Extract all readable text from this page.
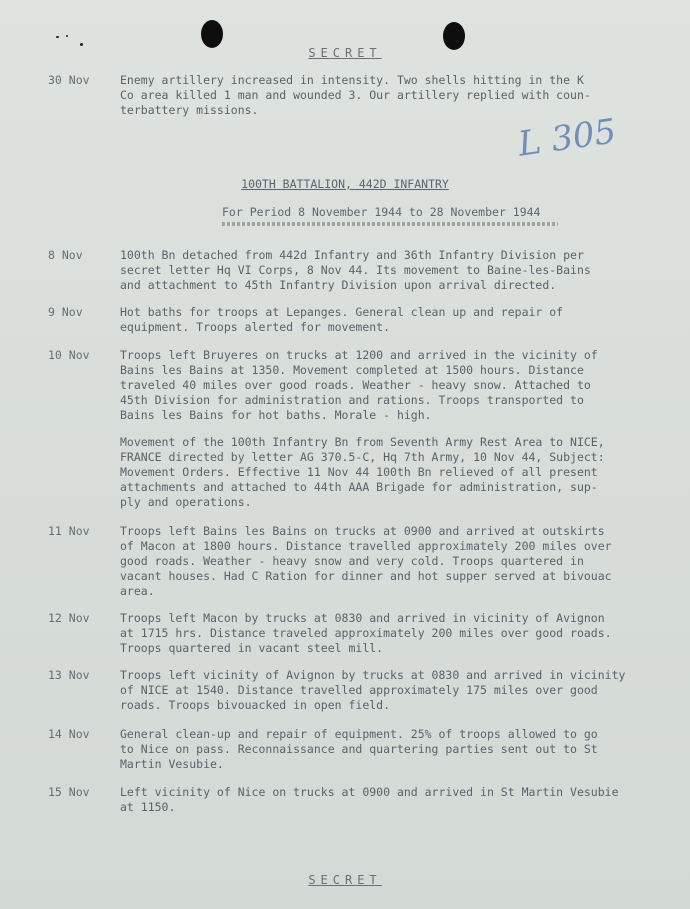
SECRET
30 Nov	Enemy artillery increased in intensity. Two shells hitting in the K
Co area killed 1 man and wounded 3. Our artillery replied with coun-
terbattery missions.
L 305
100TH BATTALION, 442D INFANTRY
For Period 8 November 1944 to 28 November 1944
8 Nov	100th Bn detached from 442d Infantry and 36th Infantry Division per
secret letter Hq VI Corps, 8 Nov 44. Its movement to Baine-les-Bains
and attachment to 45th Infantry Division upon arrival directed.
9 Nov	Hot baths for troops at Lepanges. General clean up and repair of
equipment. Troops alerted for movement.
10 Nov	Troops left Bruyeres on trucks at 1200 and arrived in the vicinity of
Bains les Bains at 1350. Movement completed at 1500 hours. Distance
traveled 40 miles over good roads. Weather - heavy snow. Attached to
45th Division for administration and rations. Troops transported to
Bains les Bains for hot baths. Morale - high.
Movement of the 100th Infantry Bn from Seventh Army Rest Area to NICE,
FRANCE directed by letter AG 370.5-C, Hq 7th Army, 10 Nov 44, Subject:
Movement Orders. Effective 11 Nov 44 100th Bn relieved of all present
attachments and attached to 44th AAA Brigade for administration, sup-
ply and operations.
11 Nov	Troops left Bains les Bains on trucks at 0900 and arrived at outskirts
of Macon at 1800 hours. Distance travelled approximately 200 miles over
good roads. Weather - heavy snow and very cold. Troops quartered in
vacant houses. Had C Ration for dinner and hot supper served at bivouac
area.
12 Nov	Troops left Macon by trucks at 0830 and arrived in vicinity of Avignon
at 1715 hrs. Distance traveled approximately 200 miles over good roads.
Troops quartered in vacant steel mill.
13 Nov	Troops left vicinity of Avignon by trucks at 0830 and arrived in vicinity
of NICE at 1540. Distance travelled approximately 175 miles over good
roads. Troops bivouacked in open field.
14 Nov	General clean-up and repair of equipment. 25% of troops allowed to go
to Nice on pass. Reconnaissance and quartering parties sent out to St
Martin Vesubie.
15 Nov	Left vicinity of Nice on trucks at 0900 and arrived in St Martin Vesubie
at 1150.
SECRET
